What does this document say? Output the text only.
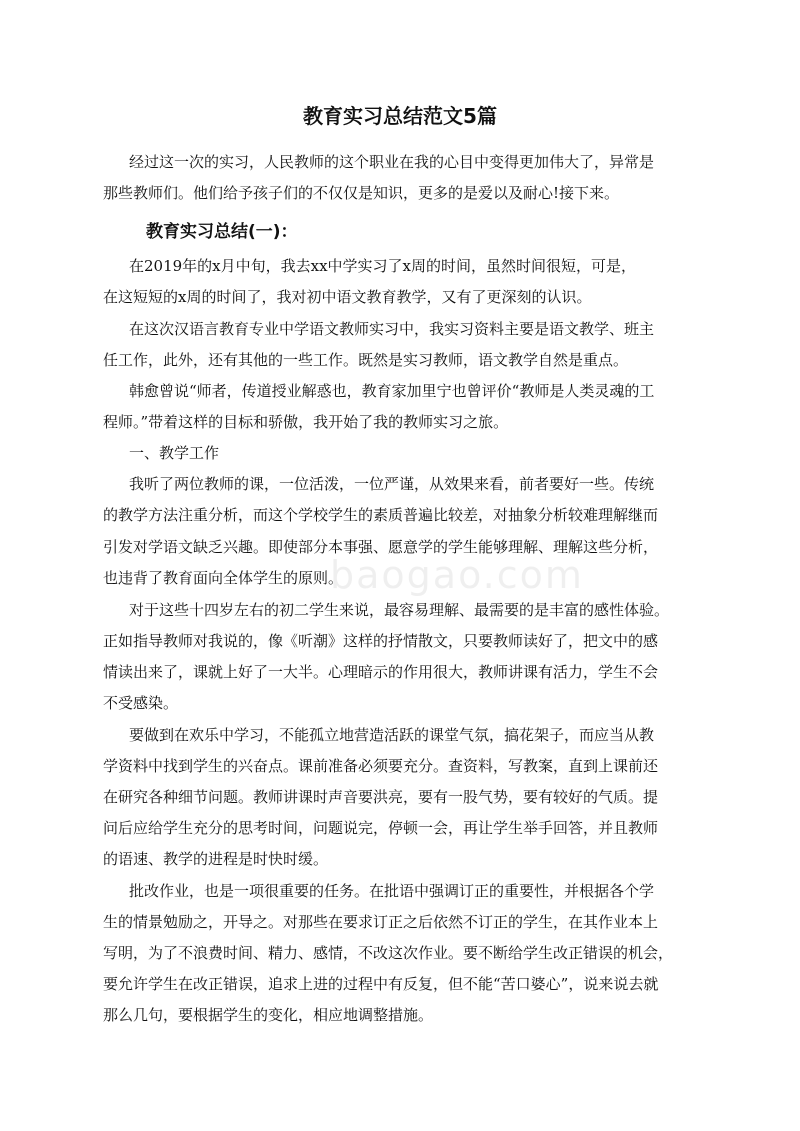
教育实习总结范文5篇
经过这一次的实习，人民教师的这个职业在我的心目中变得更加伟大了，异常是
那些教师们。他们给予孩子们的不仅仅是知识，更多的是爱以及耐心!接下来。
教育实习总结(一)：
在2019年的x月中旬，我去xx中学实习了x周的时间，虽然时间很短，可是，
在这短短的x周的时间了，我对初中语文教育教学，又有了更深刻的认识。
在这次汉语言教育专业中学语文教师实习中，我实习资料主要是语文教学、班主
任工作，此外，还有其他的一些工作。既然是实习教师，语文教学自然是重点。
韩愈曾说“师者，传道授业解惑也，教育家加里宁也曾评价“教师是人类灵魂的工
程师。”带着这样的目标和骄傲，我开始了我的教师实习之旅。
一、教学工作
我听了两位教师的课，一位活泼，一位严谨，从效果来看，前者要好一些。传统
的教学方法注重分析，而这个学校学生的素质普遍比较差，对抽象分析较难理解继而
引发对学语文缺乏兴趣。即使部分本事强、愿意学的学生能够理解、理解这些分析，
也违背了教育面向全体学生的原则。
baogao.com
对于这些十四岁左右的初二学生来说，最容易理解、最需要的是丰富的感性体验。
正如指导教师对我说的，像《听潮》这样的抒情散文，只要教师读好了，把文中的感
情读出来了，课就上好了一大半。心理暗示的作用很大，教师讲课有活力，学生不会
不受感染。
要做到在欢乐中学习，不能孤立地营造活跃的课堂气氛，搞花架子，而应当从教
学资料中找到学生的兴奋点。课前准备必须要充分。查资料，写教案，直到上课前还
在研究各种细节问题。教师讲课时声音要洪亮，要有一股气势，要有较好的气质。提
问后应给学生充分的思考时间，问题说完，停顿一会，再让学生举手回答，并且教师
的语速、教学的进程是时快时缓。
批改作业，也是一项很重要的任务。在批语中强调订正的重要性，并根据各个学
生的情景勉励之，开导之。对那些在要求订正之后依然不订正的学生，在其作业本上
写明，为了不浪费时间、精力、感情，不改这次作业。要不断给学生改正错误的机会，
要允许学生在改正错误，追求上进的过程中有反复，但不能“苦口婆心”，说来说去就
那么几句，要根据学生的变化，相应地调整措施。
